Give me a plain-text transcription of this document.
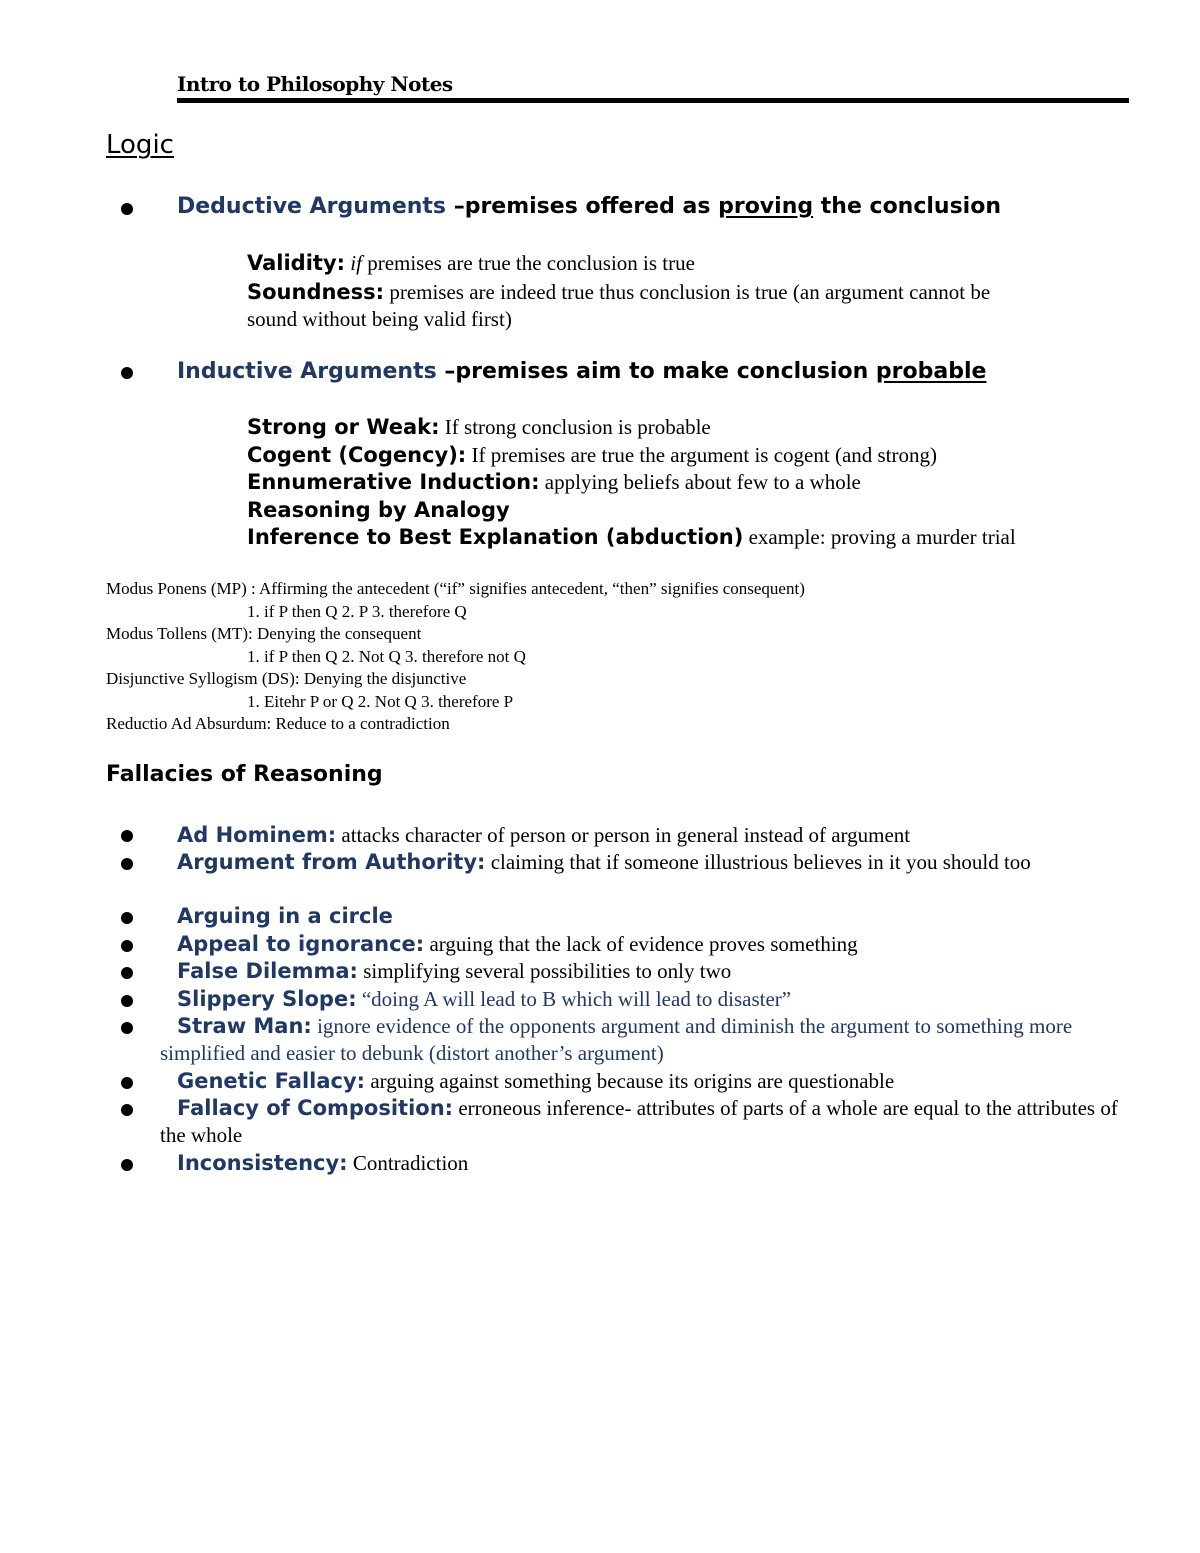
Intro to Philosophy Notes
Logic
Deductive Arguments –premises offered as proving the conclusion
Validity: if premises are true the conclusion is true
Soundness: premises are indeed true thus conclusion is true (an argument cannot be
sound without being valid first)
Inductive Arguments –premises aim to make conclusion probable
Strong or Weak: If strong conclusion is probable
Cogent (Cogency): If premises are true the argument is cogent (and strong)
Ennumerative Induction: applying beliefs about few to a whole
Reasoning by Analogy
Inference to Best Explanation (abduction) example: proving a murder trial
Modus Ponens (MP) : Affirming the antecedent (“if” signifies antecedent, “then” signifies consequent)
1. if P then Q 2. P 3. therefore Q
Modus Tollens (MT): Denying the consequent
1. if P then Q 2. Not Q 3. therefore not Q
Disjunctive Syllogism (DS): Denying the disjunctive
1. Eitehr P or Q 2. Not Q 3. therefore P
Reductio Ad Absurdum: Reduce to a contradiction
Fallacies of Reasoning
Ad Hominem: attacks character of person or person in general instead of argument
Argument from Authority: claiming that if someone illustrious believes in it you should too
Arguing in a circle
Appeal to ignorance: arguing that the lack of evidence proves something
False Dilemma: simplifying several possibilities to only two
Slippery Slope: “doing A will lead to B which will lead to disaster”
Straw Man: ignore evidence of the opponents argument and diminish the argument to something more simplified and easier to debunk (distort another’s argument)
Genetic Fallacy: arguing against something because its origins are questionable
Fallacy of Composition: erroneous inference- attributes of parts of a whole are equal to the attributes of the whole
Inconsistency: Contradiction
